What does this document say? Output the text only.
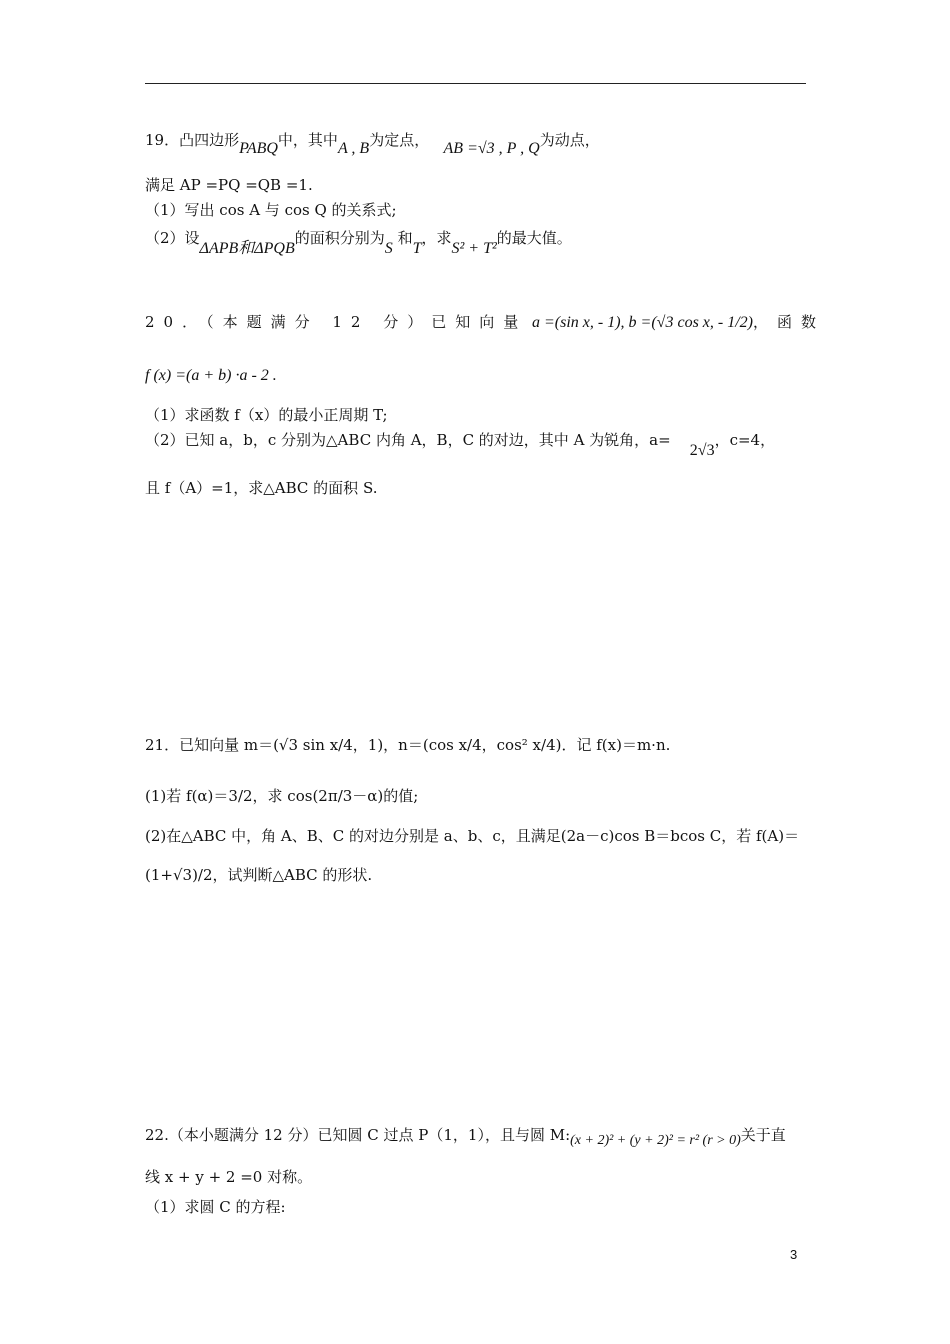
19．凸四边形PABQ中，其中A , B为定点， AB =√3 , P , Q为动点，
满足 AP =PQ =QB =1.
（1）写出 cos A 与 cos Q 的关系式;
（2）设ΔAPB和ΔPQB的面积分别为S 和T，求S² + T²的最大值。
20．（本题满分 12 分）已知向量 a =(sin x, - 1), b =(√3 cos x, - 1/2)，函数
f (x) =(a + b) ·a - 2 .
（1）求函数 f（x）的最小正周期 T;
（2）已知 a，b，c 分别为△ABC 内角 A，B，C 的对边，其中 A 为锐角，a=    2√3，c=4，
且 f（A）=1，求△ABC 的面积 S.
21．已知向量 m＝(√3 sin x/4，1)，n＝(cos x/4，cos² x/4)．记 f(x)＝m·n.
(1)若 f(α)＝3/2，求 cos(2π/3－α)的值;
(2)在△ABC 中，角 A、B、C 的对边分别是 a、b、c，且满足(2a－c)cos B＝bcos C，若 f(A)＝
(1+√3)/2，试判断△ABC 的形状.
22.（本小题满分 12 分）已知圆 C 过点 P（1，1），且与圆 M:(x + 2)² + (y + 2)² = r² (r > 0)关于直
线 x + y + 2 =0 对称。
（1）求圆 C 的方程:
3
